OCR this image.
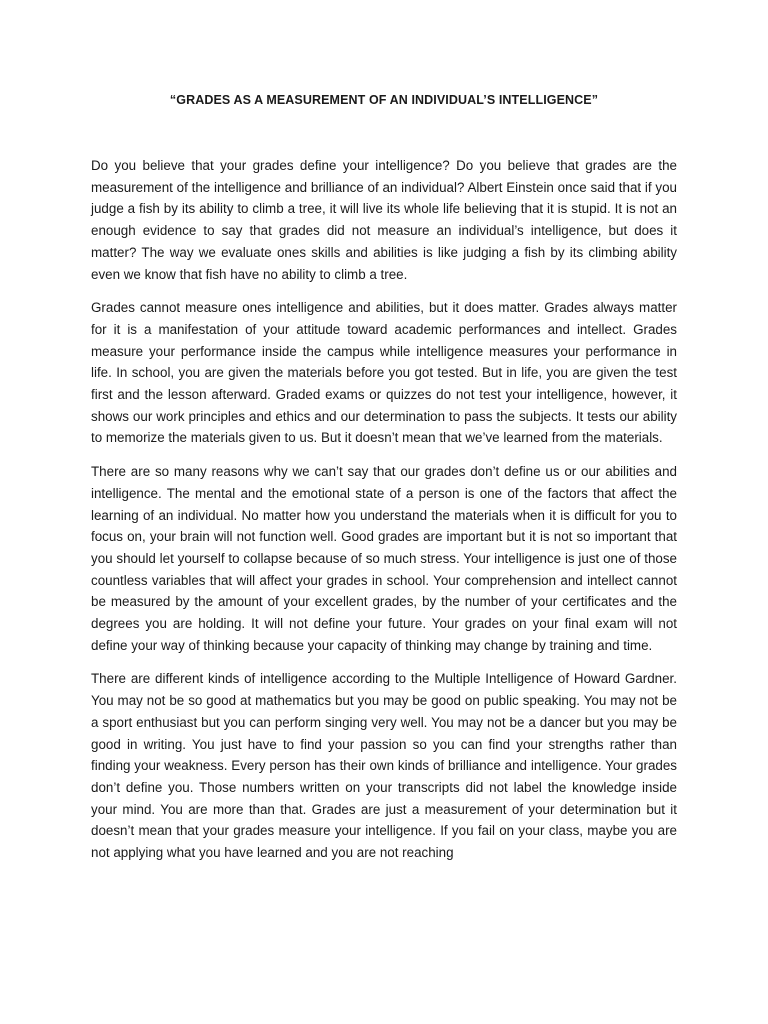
“GRADES AS A MEASUREMENT OF AN INDIVIDUAL’S INTELLIGENCE”

Do you believe that your grades define your intelligence? Do you believe that grades are the measurement of the intelligence and brilliance of an individual? Albert Einstein once said that if you judge a fish by its ability to climb a tree, it will live its whole life believing that it is stupid. It is not an enough evidence to say that grades did not measure an individual’s intelligence, but does it matter? The way we evaluate ones skills and abilities is like judging a fish by its climbing ability even we know that fish have no ability to climb a tree.

Grades cannot measure ones intelligence and abilities, but it does matter. Grades always matter for it is a manifestation of your attitude toward academic performances and intellect. Grades measure your performance inside the campus while intelligence measures your performance in life. In school, you are given the materials before you got tested. But in life, you are given the test first and the lesson afterward. Graded exams or quizzes do not test your intelligence, however, it shows our work principles and ethics and our determination to pass the subjects. It tests our ability to memorize the materials given to us. But it doesn’t mean that we’ve learned from the materials.

There are so many reasons why we can’t say that our grades don’t define us or our abilities and intelligence. The mental and the emotional state of a person is one of the factors that affect the learning of an individual. No matter how you understand the materials when it is difficult for you to focus on, your brain will not function well. Good grades are important but it is not so important that you should let yourself to collapse because of so much stress. Your intelligence is just one of those countless variables that will affect your grades in school. Your comprehension and intellect cannot be measured by the amount of your excellent grades, by the number of your certificates and the degrees you are holding. It will not define your future. Your grades on your final exam will not define your way of thinking because your capacity of thinking may change by training and time.

There are different kinds of intelligence according to the Multiple Intelligence of Howard Gardner. You may not be so good at mathematics but you may be good on public speaking. You may not be a sport enthusiast but you can perform singing very well. You may not be a dancer but you may be good in writing. You just have to find your passion so you can find your strengths rather than finding your weakness. Every person has their own kinds of brilliance and intelligence. Your grades don’t define you. Those numbers written on your transcripts did not label the knowledge inside your mind. You are more than that. Grades are just a measurement of your determination but it doesn’t mean that your grades measure your intelligence. If you fail on your class, maybe you are not applying what you have learned and you are not reaching
